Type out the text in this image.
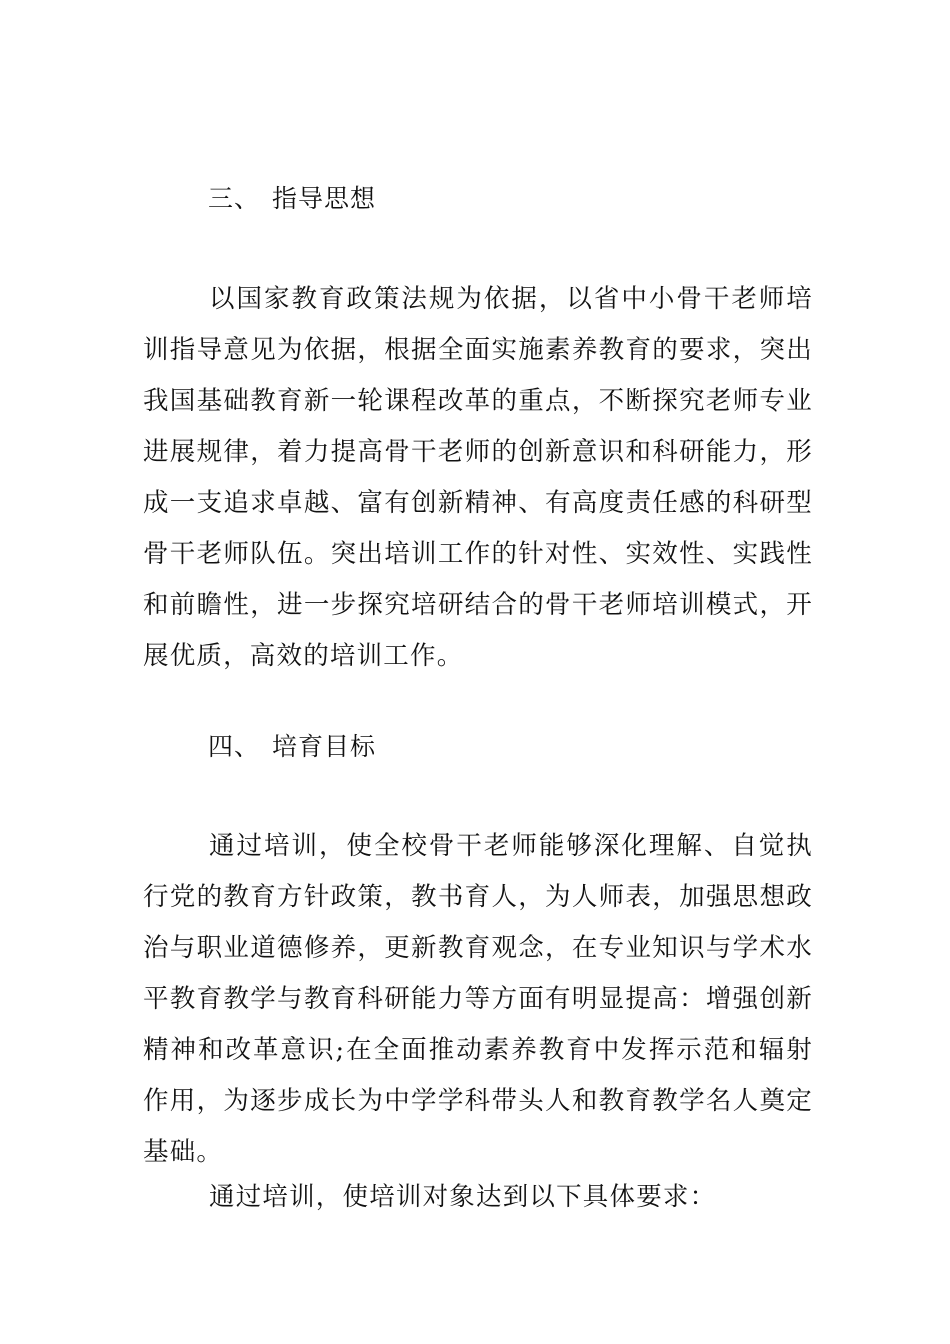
三、 指导思想
以国家教育政策法规为依据，以省中小骨干老师培训指导意见为依据，根据全面实施素养教育的要求，突出我国基础教育新一轮课程改革的重点，不断探究老师专业进展规律，着力提高骨干老师的创新意识和科研能力，形成一支追求卓越、富有创新精神、有高度责任感的科研型骨干老师队伍。突出培训工作的针对性、实效性、实践性和前瞻性，进一步探究培研结合的骨干老师培训模式，开展优质，高效的培训工作。
四、 培育目标
通过培训，使全校骨干老师能够深化理解、自觉执行党的教育方针政策，教书育人，为人师表，加强思想政治与职业道德修养，更新教育观念，在专业知识与学术水平教育教学与教育科研能力等方面有明显提高：增强创新精神和改革意识;在全面推动素养教育中发挥示范和辐射作用，为逐步成长为中学学科带头人和教育教学名人奠定基础。
通过培训，使培训对象达到以下具体要求：
